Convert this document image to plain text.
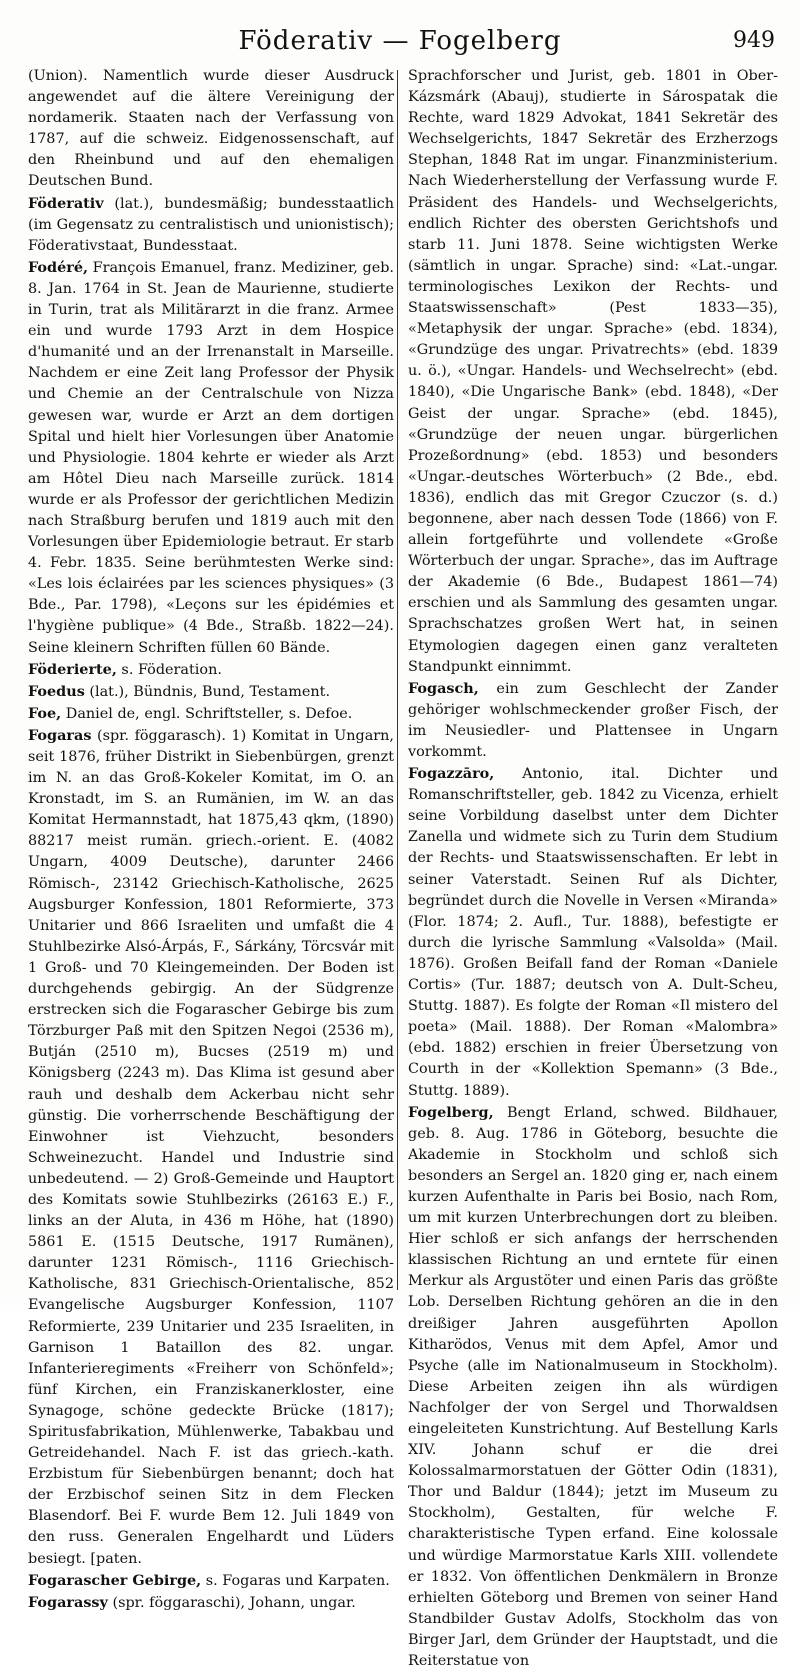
Föderativ — Fogelberg	949

(Union). Namentlich wurde dieser Ausdruck angewendet auf die ältere Vereinigung der nordamerik. Staaten nach der Verfassung von 1787, auf die schweiz. Eidgenossenschaft, auf den Rheinbund und auf den ehemaligen Deutschen Bund.

Föderativ (lat.), bundesmäßig; bundesstaatlich (im Gegensatz zu centralistisch und unionistisch); Föderativstaat, Bundesstaat.

Fodéré, François Emanuel, franz. Mediziner, geb. 8. Jan. 1764 in St. Jean de Maurienne, studierte in Turin, trat als Militärarzt in die franz. Armee ein und wurde 1793 Arzt in dem Hospice d'humanité und an der Irrenanstalt in Marseille. Nachdem er eine Zeit lang Professor der Physik und Chemie an der Centralschule von Nizza gewesen war, wurde er Arzt an dem dortigen Spital und hielt hier Vorlesungen über Anatomie und Physiologie. 1804 kehrte er wieder als Arzt am Hôtel Dieu nach Marseille zurück. 1814 wurde er als Professor der gerichtlichen Medizin nach Straßburg berufen und 1819 auch mit den Vorlesungen über Epidemiologie betraut. Er starb 4. Febr. 1835. Seine berühmtesten Werke sind: «Les lois éclairées par les sciences physiques» (3 Bde., Par. 1798), «Leçons sur les épidémies et l'hygiène publique» (4 Bde., Straßb. 1822—24). Seine kleinern Schriften füllen 60 Bände.

Föderierte, s. Föderation.

Foedus (lat.), Bündnis, Bund, Testament.

Foe, Daniel de, engl. Schriftsteller, s. Defoe.

Fogaras (spr. föggarasch). 1) Komitat in Ungarn, seit 1876, früher Distrikt in Siebenbürgen, grenzt im N. an das Groß-Kokeler Komitat, im O. an Kronstadt, im S. an Rumänien, im W. an das Komitat Hermannstadt, hat 1875,43 qkm, (1890) 88217 meist rumän. griech.-orient. E. (4082 Ungarn, 4009 Deutsche), darunter 2466 Römisch-, 23142 Griechisch-Katholische, 2625 Augsburger Konfession, 1801 Reformierte, 373 Unitarier und 866 Israeliten und umfaßt die 4 Stuhlbezirke Alsó-Árpás, F., Sárkány, Törcsvár mit 1 Groß- und 70 Kleingemeinden. Der Boden ist durchgehends gebirgig. An der Südgrenze erstrecken sich die Fogarascher Gebirge bis zum Törzburger Paß mit den Spitzen Negoi (2536 m), Butján (2510 m), Bucses (2519 m) und Königsberg (2243 m). Das Klima ist gesund aber rauh und deshalb dem Ackerbau nicht sehr günstig. Die vorherrschende Beschäftigung der Einwohner ist Viehzucht, besonders Schweinezucht. Handel und Industrie sind unbedeutend. — 2) Groß-Gemeinde und Hauptort des Komitats sowie Stuhlbezirks (26163 E.) F., links an der Aluta, in 436 m Höhe, hat (1890) 5861 E. (1515 Deutsche, 1917 Rumänen), darunter 1231 Römisch-, 1116 Griechisch-Katholische, 831 Griechisch-Orientalische, 852 Evangelische Augsburger Konfession, 1107 Reformierte, 239 Unitarier und 235 Israeliten, in Garnison 1 Bataillon des 82. ungar. Infanterieregiments «Freiherr von Schönfeld»; fünf Kirchen, ein Franziskanerkloster, eine Synagoge, schöne gedeckte Brücke (1817); Spiritusfabrikation, Mühlenwerke, Tabakbau und Getreidehandel. Nach F. ist das griech.-kath. Erzbistum für Siebenbürgen benannt; doch hat der Erzbischof seinen Sitz in dem Flecken Blasendorf. Bei F. wurde Bem 12. Juli 1849 von den russ. Generalen Engelhardt und Lüders besiegt. [paten.

Fogarascher Gebirge, s. Fogaras und Karpaten.

Fogarassy (spr. föggaraschi), Johann, ungar.

Sprachforscher und Jurist, geb. 1801 in Ober-Kázsmárk (Abauj), studierte in Sárospatak die Rechte, ward 1829 Advokat, 1841 Sekretär des Wechselgerichts, 1847 Sekretär des Erzherzogs Stephan, 1848 Rat im ungar. Finanzministerium. Nach Wiederherstellung der Verfassung wurde F. Präsident des Handels- und Wechselgerichts, endlich Richter des obersten Gerichtshofs und starb 11. Juni 1878. Seine wichtigsten Werke (sämtlich in ungar. Sprache) sind: «Lat.-ungar. terminologisches Lexikon der Rechts- und Staatswissenschaft» (Pest 1833—35), «Metaphysik der ungar. Sprache» (ebd. 1834), «Grundzüge des ungar. Privatrechts» (ebd. 1839 u. ö.), «Ungar. Handels- und Wechselrecht» (ebd. 1840), «Die Ungarische Bank» (ebd. 1848), «Der Geist der ungar. Sprache» (ebd. 1845), «Grundzüge der neuen ungar. bürgerlichen Prozeßordnung» (ebd. 1853) und besonders «Ungar.-deutsches Wörterbuch» (2 Bde., ebd. 1836), endlich das mit Gregor Czuczor (s. d.) begonnene, aber nach dessen Tode (1866) von F. allein fortgeführte und vollendete «Große Wörterbuch der ungar. Sprache», das im Auftrage der Akademie (6 Bde., Budapest 1861—74) erschien und als Sammlung des gesamten ungar. Sprachschatzes großen Wert hat, in seinen Etymologien dagegen einen ganz veralteten Standpunkt einnimmt.

Fogasch, ein zum Geschlecht der Zander gehöriger wohlschmeckender großer Fisch, der im Neusiedler- und Plattensee in Ungarn vorkommt.

Fogazzāro, Antonio, ital. Dichter und Romanschriftsteller, geb. 1842 zu Vicenza, erhielt seine Vorbildung daselbst unter dem Dichter Zanella und widmete sich zu Turin dem Studium der Rechts- und Staatswissenschaften. Er lebt in seiner Vaterstadt. Seinen Ruf als Dichter, begründet durch die Novelle in Versen «Miranda» (Flor. 1874; 2. Aufl., Tur. 1888), befestigte er durch die lyrische Sammlung «Valsolda» (Mail. 1876). Großen Beifall fand der Roman «Daniele Cortis» (Tur. 1887; deutsch von A. Dult-Scheu, Stuttg. 1887). Es folgte der Roman «Il mistero del poeta» (Mail. 1888). Der Roman «Malombra» (ebd. 1882) erschien in freier Übersetzung von Courth in der «Kollektion Spemann» (3 Bde., Stuttg. 1889).

Fogelberg, Bengt Erland, schwed. Bildhauer, geb. 8. Aug. 1786 in Göteborg, besuchte die Akademie in Stockholm und schloß sich besonders an Sergel an. 1820 ging er, nach einem kurzen Aufenthalte in Paris bei Bosio, nach Rom, um mit kurzen Unterbrechungen dort zu bleiben. Hier schloß er sich anfangs der herrschenden klassischen Richtung an und erntete für einen Merkur als Argustöter und einen Paris das größte Lob. Derselben Richtung gehören an die in den dreißiger Jahren ausgeführten Apollon Kitharödos, Venus mit dem Apfel, Amor und Psyche (alle im Nationalmuseum in Stockholm). Diese Arbeiten zeigen ihn als würdigen Nachfolger der von Sergel und Thorwaldsen eingeleiteten Kunstrichtung. Auf Bestellung Karls XIV. Johann schuf er die drei Kolossalmarmorstatuen der Götter Odin (1831), Thor und Baldur (1844); jetzt im Museum zu Stockholm), Gestalten, für welche F. charakteristische Typen erfand. Eine kolossale und würdige Marmorstatue Karls XIII. vollendete er 1832. Von öffentlichen Denkmälern in Bronze erhielten Göteborg und Bremen von seiner Hand Standbilder Gustav Adolfs, Stockholm das von Birger Jarl, dem Gründer der Hauptstadt, und die Reiterstatue von
